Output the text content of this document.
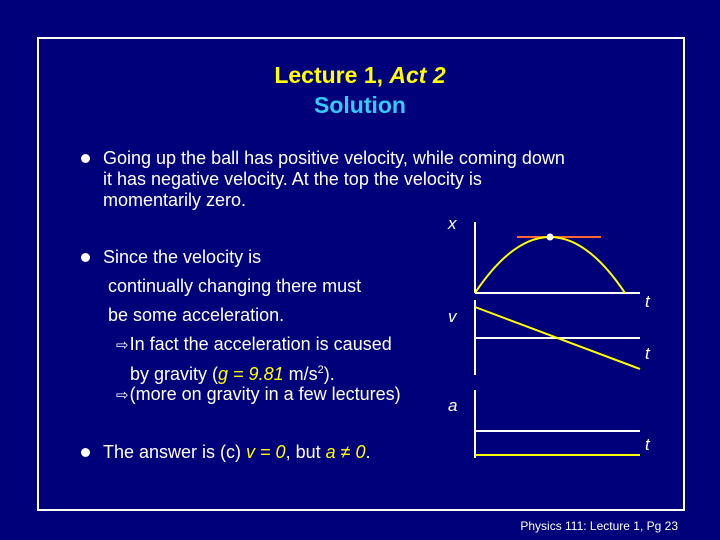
Lecture 1, Act 2
Solution
Going up the ball has positive velocity, while coming down
it has negative velocity. At the top the velocity is
momentarily zero.
Since the velocity is
continually changing there must
be some acceleration.
⇨In fact the acceleration is caused
by gravity (g = 9.81 $m/s^2$).
⇨(more on gravity in a few lectures)
The answer is (c) v = 0, but a ≠ 0.
x
v
a
t
t
t
Physics 111: Lecture 1, Pg 23
